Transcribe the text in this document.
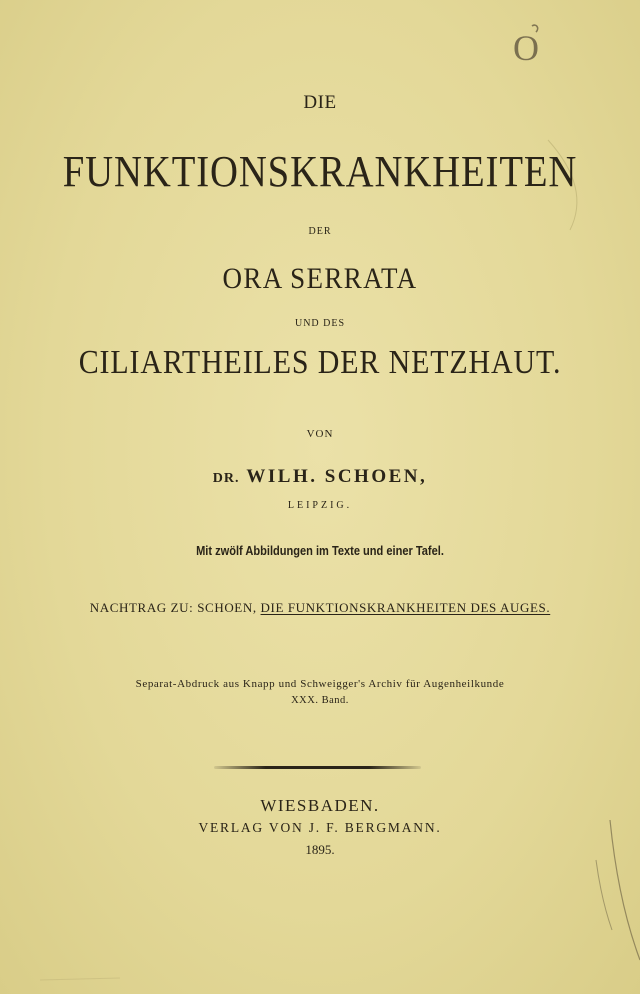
O
DIE
FUNKTIONSKRANKHEITEN
DER
ORA SERRATA
UND DES
CILIARTHEILES DER NETZHAUT.
VON
DR. WILH. SCHOEN,
LEIPZIG.
Mit zwölf Abbildungen im Texte und einer Tafel.
NACHTRAG ZU: SCHOEN, DIE FUNKTIONSKRANKHEITEN DES AUGES.
Separat-Abdruck aus Knapp und Schweigger's Archiv für Augenheilkunde
XXX. Band.
WIESBADEN.
VERLAG VON J. F. BERGMANN.
1895.
